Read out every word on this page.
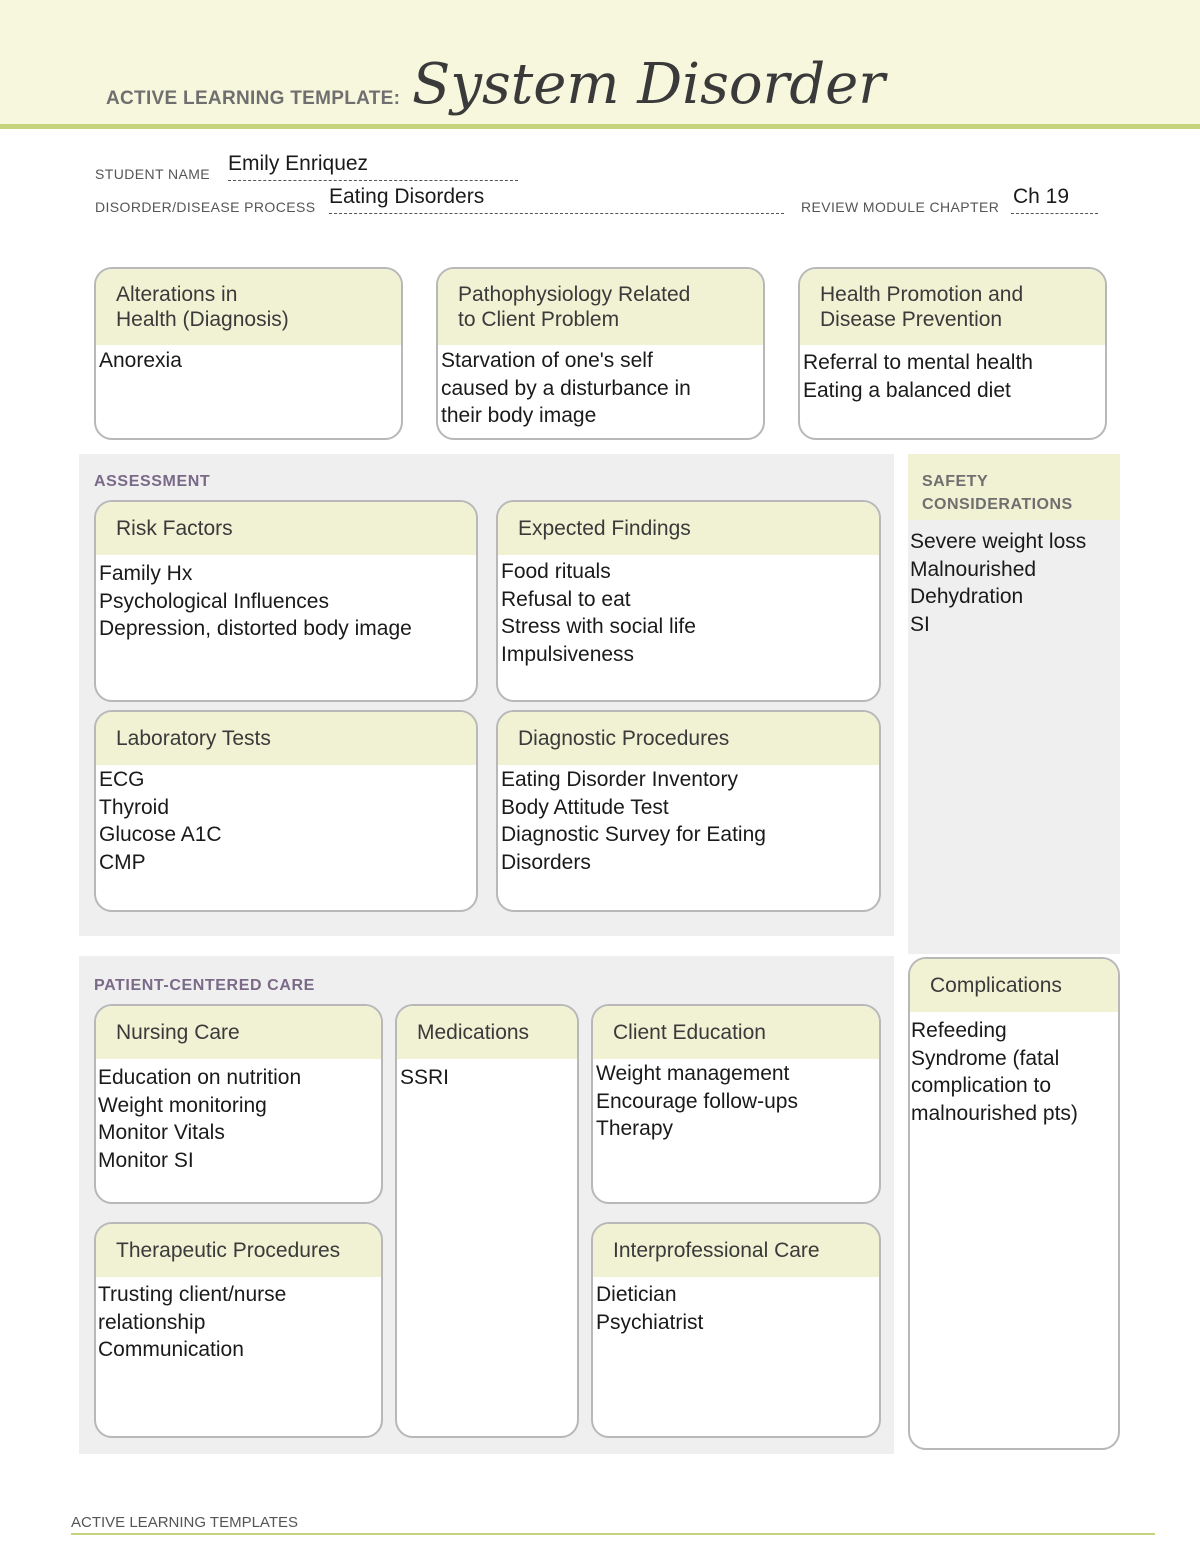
ACTIVE LEARNING TEMPLATE: System Disorder
STUDENT NAME Emily Enriquez
DISORDER/DISEASE PROCESS Eating Disorders	REVIEW MODULE CHAPTER Ch 19
Alterations in
Health (Diagnosis)
Anorexia
Pathophysiology Related
to Client Problem
Starvation of one's self
caused by a disturbance in
their body image
Health Promotion and
Disease Prevention
Referral to mental health
Eating a balanced diet
ASSESSMENT
Risk Factors
Family Hx
Psychological Influences
Depression, distorted body image
Expected Findings
Food rituals
Refusal to eat
Stress with social life
Impulsiveness
Laboratory Tests
ECG
Thyroid
Glucose A1C
CMP
Diagnostic Procedures
Eating Disorder Inventory
Body Attitude Test
Diagnostic Survey for Eating
Disorders
SAFETY
CONSIDERATIONS
Severe weight loss
Malnourished
Dehydration
SI
PATIENT-CENTERED CARE
Nursing Care
Education on nutrition
Weight monitoring
Monitor Vitals
Monitor SI
Medications
SSRI
Client Education
Weight management
Encourage follow-ups
Therapy
Therapeutic Procedures
Trusting client/nurse
relationship
Communication
Interprofessional Care
Dietician
Psychiatrist
Complications
Refeeding
Syndrome (fatal
complication to
malnourished pts)
ACTIVE LEARNING TEMPLATES
